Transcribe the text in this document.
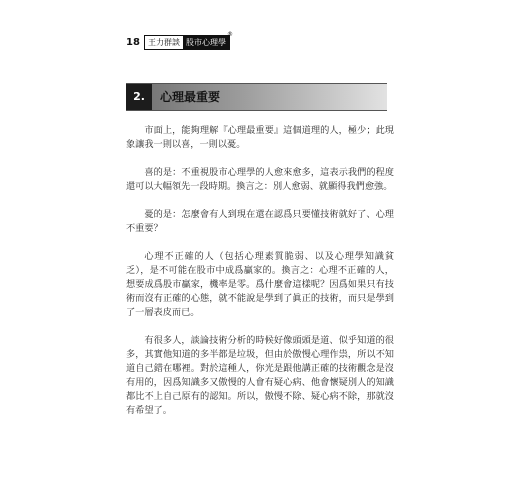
18	王力群談 股市心理學
®
2.	心理最重要

市面上，能夠理解『心理最重要』這個道理的人，極少；此現象讓我一則以喜，一則以憂。

喜的是：不重視股市心理學的人愈來愈多，這表示我們的程度還可以大幅領先一段時期。換言之：別人愈弱、就顯得我們愈強。

憂的是：怎麼會有人到現在還在認爲只要懂技術就好了、心理不重要？

心理不正確的人（包括心理素質脆弱、以及心理學知識貧乏），是不可能在股市中成爲贏家的。換言之：心理不正確的人，想要成爲股市贏家，機率是零。爲什麼會這樣呢？因爲如果只有技術而沒有正確的心態，就不能說是學到了眞正的技術，而只是學到了一層表皮而已。

有很多人，談論技術分析的時候好像頭頭是道、似乎知道的很多，其實他知道的多半都是垃圾，但由於傲慢心理作祟，所以不知道自己錯在哪裡。對於這種人，你光是跟他講正確的技術觀念是沒有用的，因爲知識多又傲慢的人會有疑心病、他會懷疑別人的知識都比不上自己原有的認知。所以，傲慢不除、疑心病不除，那就沒有希望了。
